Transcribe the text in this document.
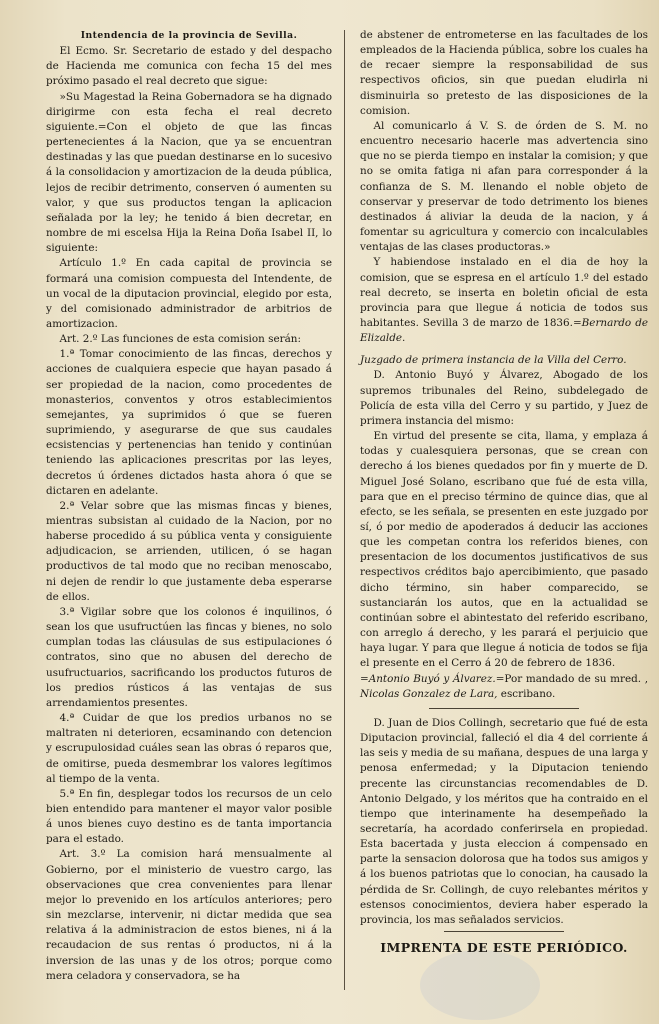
Intendencia de la provincia de Sevilla.

El Ecmo. Sr. Secretario de estado y del despacho de Hacienda me comunica con fecha 15 del mes próximo pasado el real decreto que sigue:

»Su Magestad la Reina Gobernadora se ha dignado dirigirme con esta fecha el real decreto siguiente.=Con el objeto de que las fincas pertenecientes á la Nacion, que ya se encuentran destinadas y las que puedan destinarse en lo sucesivo á la consolidacion y amortizacion de la deuda pública, lejos de recibir detrimento, conserven ó aumenten su valor, y que sus productos tengan la aplicacion señalada por la ley; he tenido á bien decretar, en nombre de mi escelsa Hija la Reina Doña Isabel II, lo siguiente:

Artículo 1.º En cada capital de provincia se formará una comision compuesta del Intendente, de un vocal de la diputacion provincial, elegido por esta, y del comisionado administrador de arbitrios de amortizacion.

Art. 2.º Las funciones de esta comision serán:

1.ª Tomar conocimiento de las fincas, derechos y acciones de cualquiera especie que hayan pasado á ser propiedad de la nacion, como procedentes de monasterios, conventos y otros establecimientos semejantes, ya suprimidos ó que se fueren suprimiendo, y asegurarse de que sus caudales ecsistencias y pertenencias han tenido y continúan teniendo las aplicaciones prescritas por las leyes, decretos ú órdenes dictados hasta ahora ó que se dictaren en adelante.

2.ª Velar sobre que las mismas fincas y bienes, mientras subsistan al cuidado de la Nacion, por no haberse procedido á su pública venta y consiguiente adjudicacion, se arrienden, utilicen, ó se hagan productivos de tal modo que no reciban menoscabo, ni dejen de rendir lo que justamente deba esperarse de ellos.

3.ª Vigilar sobre que los colonos é inquilinos, ó sean los que usufructúen las fincas y bienes, no solo cumplan todas las cláusulas de sus estipulaciones ó contratos, sino que no abusen del derecho de usufructuarios, sacrificando los productos futuros de los predios rústicos á las ventajas de sus arrendamientos presentes.

4.ª Cuidar de que los predios urbanos no se maltraten ni deterioren, ecsaminando con detencion y escrupulosidad cuáles sean las obras ó reparos que, de omitirse, pueda desmembrar los valores legítimos al tiempo de la venta.

5.ª En fin, desplegar todos los recursos de un celo bien entendido para mantener el mayor valor posible á unos bienes cuyo destino es de tanta importancia para el estado.

Art. 3.º La comision hará mensualmente al Gobierno, por el ministerio de vuestro cargo, las observaciones que crea convenientes para llenar mejor lo prevenido en los artículos anteriores; pero sin mezclarse, intervenir, ni dictar medida que sea relativa á la administracion de estos bienes, ni á la recaudacion de sus rentas ó productos, ni á la inversion de las unas y de los otros; porque como mera celadora y conservadora, se ha

de abstener de entrometerse en las facultades de los empleados de la Hacienda pública, sobre los cuales ha de recaer siempre la responsabilidad de sus respectivos oficios, sin que puedan eludirla ni disminuirla so pretesto de las disposiciones de la comision.

Al comunicarlo á V. S. de órden de S. M. no encuentro necesario hacerle mas advertencia sino que no se pierda tiempo en instalar la comision; y que no se omita fatiga ni afan para corresponder á la confianza de S. M. llenando el noble objeto de conservar y preservar de todo detrimento los bienes destinados á aliviar la deuda de la nacion, y á fomentar su agricultura y comercio con incalculables ventajas de las clases productoras.»

Y habiendose instalado en el dia de hoy la comision, que se espresa en el artículo 1.º del estado real decreto, se inserta en boletin oficial de esta provincia para que llegue á noticia de todos sus habitantes. Sevilla 3 de marzo de 1836.=Bernardo de Elizalde.

Juzgado de primera instancia de la Villa del Cerro.

D. Antonio Buyó y Álvarez, Abogado de los supremos tribunales del Reino, subdelegado de Policía de esta villa del Cerro y su partido, y Juez de primera instancia del mismo:

En virtud del presente se cita, llama, y emplaza á todas y cualesquiera personas, que se crean con derecho á los bienes quedados por fin y muerte de D. Miguel José Solano, escribano que fué de esta villa, para que en el preciso término de quince dias, que al efecto, se les señala, se presenten en este juzgado por sí, ó por medio de apoderados á deducir las acciones que les competan contra los referidos bienes, con presentacion de los documentos justificativos de sus respectivos créditos bajo apercibimiento, que pasado dicho término, sin haber comparecido, se sustanciarán los autos, que en la actualidad se continúan sobre el abintestato del referido escribano, con arreglo á derecho, y les parará el perjuicio que haya lugar. Y para que llegue á noticia de todos se fija el presente en el Cerro á 20 de febrero de 1836.

=Antonio Buyó y Álvarez.=Por mandado de su mred. , Nicolas Gonzalez de Lara, escribano.

D. Juan de Dios Collingh, secretario que fué de esta Diputacion provincial, falleció el dia 4 del corriente á las seis y media de su mañana, despues de una larga y penosa enfermedad; y la Diputacion teniendo precente las circunstancias recomendables de D. Antonio Delgado, y los méritos que ha contraido en el tiempo que interinamente ha desempeñado la secretaría, ha acordado conferirsela en propiedad. Esta bacertada y justa eleccion á compensado en parte la sensacion dolorosa que ha todos sus amigos y á los buenos patriotas que lo conocian, ha causado la pérdida de Sr. Collingh, de cuyo relebantes méritos y estensos conocimientos, deviera haber esperado la provincia, los mas señalados servicios.

IMPRENTA DE ESTE PERIÓDICO.
